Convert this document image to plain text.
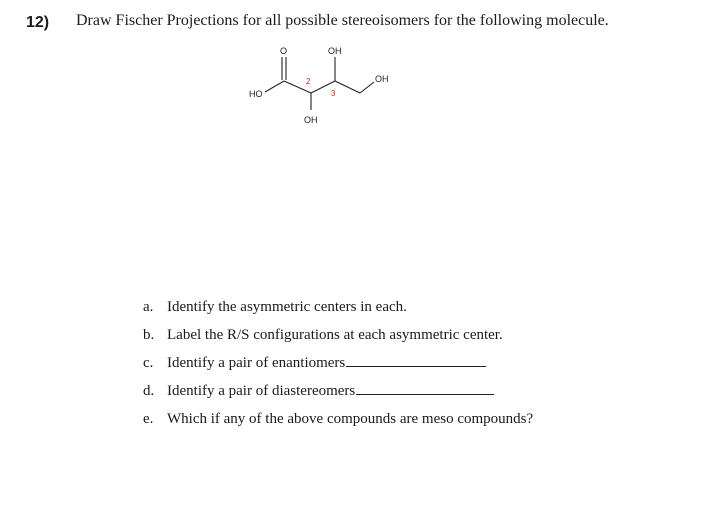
12) Draw Fischer Projections for all possible stereoisomers for the following molecule.
O	OH
OH
HO
OH
2
3
a. Identify the asymmetric centers in each.
b. Label the R/S configurations at each asymmetric center.
c. Identify a pair of enantiomers
d. Identify a pair of diastereomers
e. Which if any of the above compounds are meso compounds?
